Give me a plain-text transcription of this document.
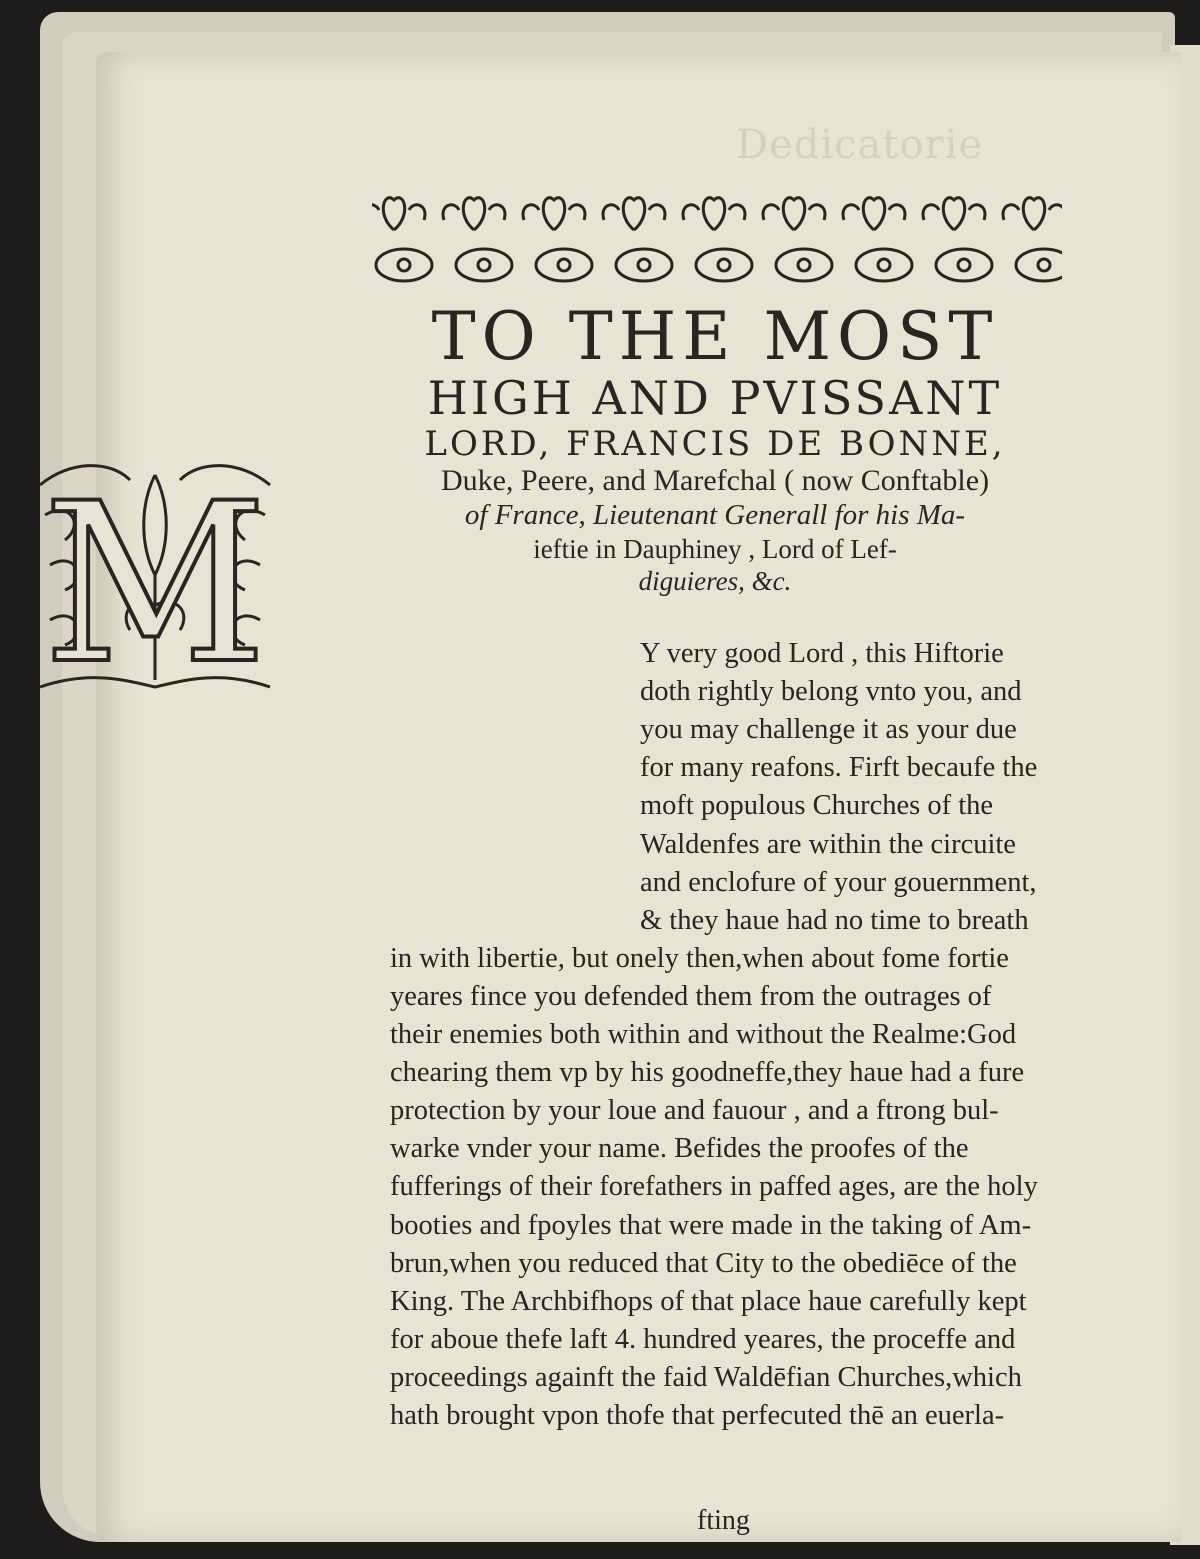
Dedicatorie
TO THE MOST
HIGH AND PVISSANT
LORD, FRANCIS DE BONNE,
Duke, Peere, and Marefchal ( now Conftable)
of France, Lieutenant Generall for his Ma-
ieftie in Dauphiney , Lord of Lef-
diguieres, &c.
M	Y very good Lord , this Hiftorie
doth rightly belong vnto you, and
you may challenge it as your due
for many reafons. Firft becaufe the
moft populous Churches of the
Waldenfes are within the circuite
and enclofure of your gouernment,
& they haue had no time to breath
in with libertie, but onely then,when about fome fortie
yeares fince you defended them from the outrages of
their enemies both within and without the Realme:God
chearing them vp by his goodneffe,they haue had a fure
protection by your loue and fauour , and a ftrong bul-
warke vnder your name. Befides the proofes of the
fufferings of their forefathers in paffed ages, are the holy
booties and fpoyles that were made in the taking of Am-
brun,when you reduced that City to the obediēce of the
King. The Archbifhops of that place haue carefully kept
for aboue thefe laft 4. hundred yeares, the proceffe and
proceedings againft the faid Waldēfian Churches,which
hath brought vpon thofe that perfecuted thē an euerla-
fting
